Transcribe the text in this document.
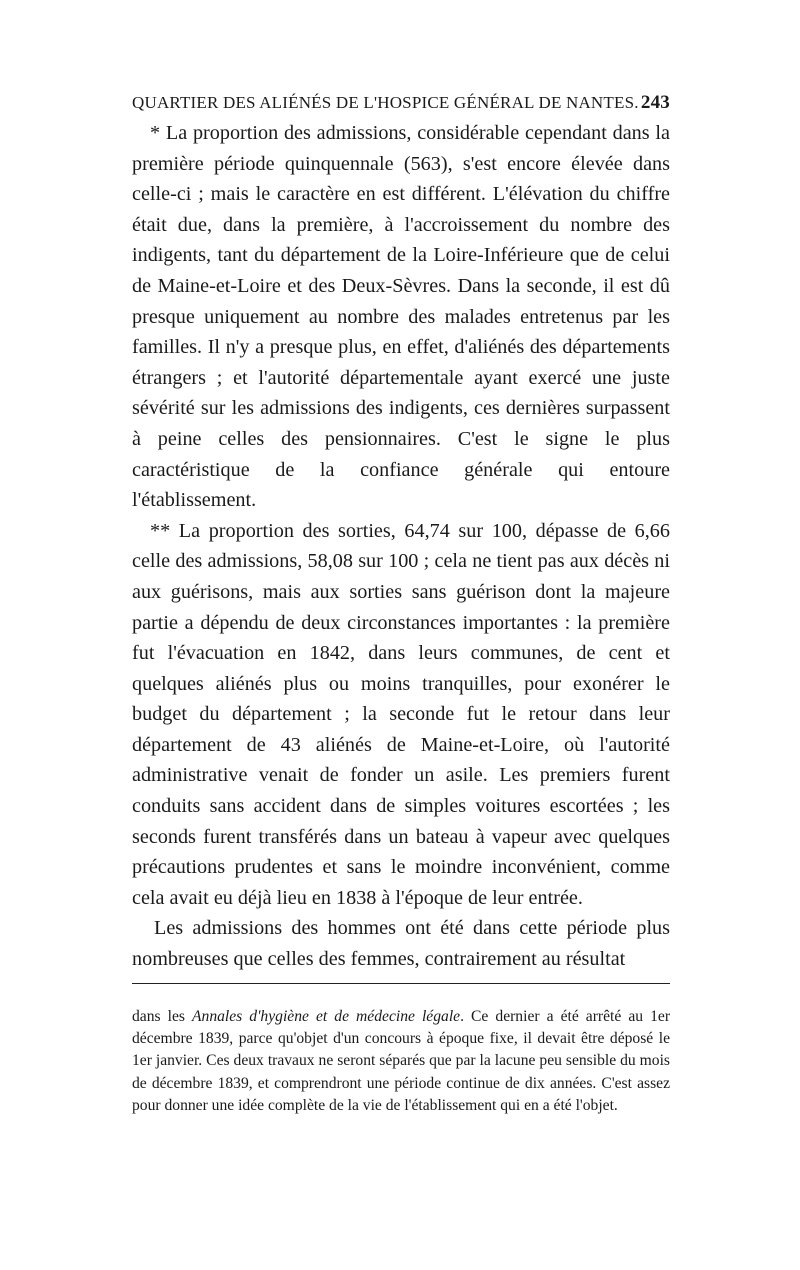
QUARTIER DES ALIÉNÉS DE L'HOSPICE GÉNÉRAL DE NANTES. 243

* La proportion des admissions, considérable cependant dans la première période quinquennale (563), s'est encore élevée dans celle-ci ; mais le caractère en est différent. L'élévation du chiffre était due, dans la première, à l'accroissement du nombre des indigents, tant du département de la Loire-Inférieure que de celui de Maine-et-Loire et des Deux-Sèvres. Dans la seconde, il est dû presque uniquement au nombre des malades entretenus par les familles. Il n'y a presque plus, en effet, d'aliénés des départements étrangers ; et l'autorité départementale ayant exercé une juste sévérité sur les admissions des indigents, ces dernières surpassent à peine celles des pensionnaires. C'est le signe le plus caractéristique de la confiance générale qui entoure l'établissement.

** La proportion des sorties, 64,74 sur 100, dépasse de 6,66 celle des admissions, 58,08 sur 100 ; cela ne tient pas aux décès ni aux guérisons, mais aux sorties sans guérison dont la majeure partie a dépendu de deux circonstances importantes : la première fut l'évacuation en 1842, dans leurs communes, de cent et quelques aliénés plus ou moins tranquilles, pour exonérer le budget du département ; la seconde fut le retour dans leur département de 43 aliénés de Maine-et-Loire, où l'autorité administrative venait de fonder un asile. Les premiers furent conduits sans accident dans de simples voitures escortées ; les seconds furent transférés dans un bateau à vapeur avec quelques précautions prudentes et sans le moindre inconvénient, comme cela avait eu déjà lieu en 1838 à l'époque de leur entrée.

Les admissions des hommes ont été dans cette période plus nombreuses que celles des femmes, contrairement au résultat

dans les Annales d'hygiène et de médecine légale. Ce dernier a été arrêté au 1er décembre 1839, parce qu'objet d'un concours à époque fixe, il devait être déposé le 1er janvier. Ces deux travaux ne seront séparés que par la lacune peu sensible du mois de décembre 1839, et comprendront une période continue de dix années. C'est assez pour donner une idée complète de la vie de l'établissement qui en a été l'objet.
